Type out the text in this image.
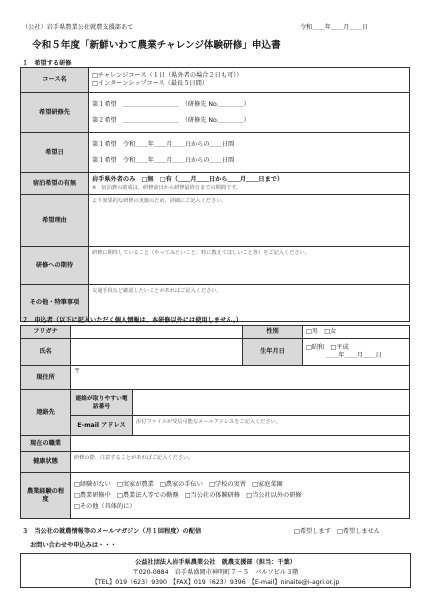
（公社）岩手県農業公社就農支援部あて	令和＿＿年＿＿月＿＿日
令和５年度「新鮮いわて農業チャレンジ体験研修」申込書
１　希望する研修
コース名	□チャレンジコース（１日（県外者の場合２日も可））
□インターンシップコース（最長５日間）

希望研修先	第１希望　＿＿＿＿＿＿＿＿＿　（研修先 No.＿＿＿＿）
第２希望　＿＿＿＿＿＿＿＿＿　（研修先 No.＿＿＿＿）

希望日	第１希望　令和＿＿年＿＿月＿＿日からの＿＿日間
第１希望　令和＿＿年＿＿月＿＿日からの＿＿日間

宿泊希望の有無	岩手県外者のみ　□無　□有（＿＿月＿＿日から＿＿月＿＿日まで）
※　宿泊費の助成は、研修前日から研修最終日までの期間です。

希望理由	より効果的な研修の実施のため、詳細にご記入ください。

研修への期待	研修に期待していること（やってみたいこと、特に教えてほしいこと等）をご記入ください。

その他・特筆事項	交通手段など確認したいことがあればご記入ください。
２　申込者（以下に記入いただく個人情報は、本研修以外には使用しません。）
フリガナ			性別	□男　□女
氏名			生年月日	□昭和　□平成
＿＿年＿＿月＿＿日

現住所	〒			
連絡先	連絡が取りやすい電話番号			
	E-mail アドレス	添付ファイルが受信可能なメールアドレスをご記入ください。		

現在の職業				
健康状態	研修の際、注意することがあればご記入ください。			

農業経験の程度	□経験がない　□実家が農業　□農家の手伝い　□学校の実習　□家庭菜園
□農業研修中　□農業法人等での勤務　□当公社の体験研修　□当公社以外の研修
□その他（具体的に）			
３　当公社の就農情報等のメールマガジン（月１回程度）の配信	□希望します　□希望しません
お問い合わせや申込みは・・・
公益社団法人岩手県農業公社　就農支援部（担当：千葉）
〒020-0884　岩手県盛岡市神明町７－５　パルソビル３階
【TEL】019（623）9390　【FAX】019（623）9396　【E-mail】ninaite@i-agri.or.jp
